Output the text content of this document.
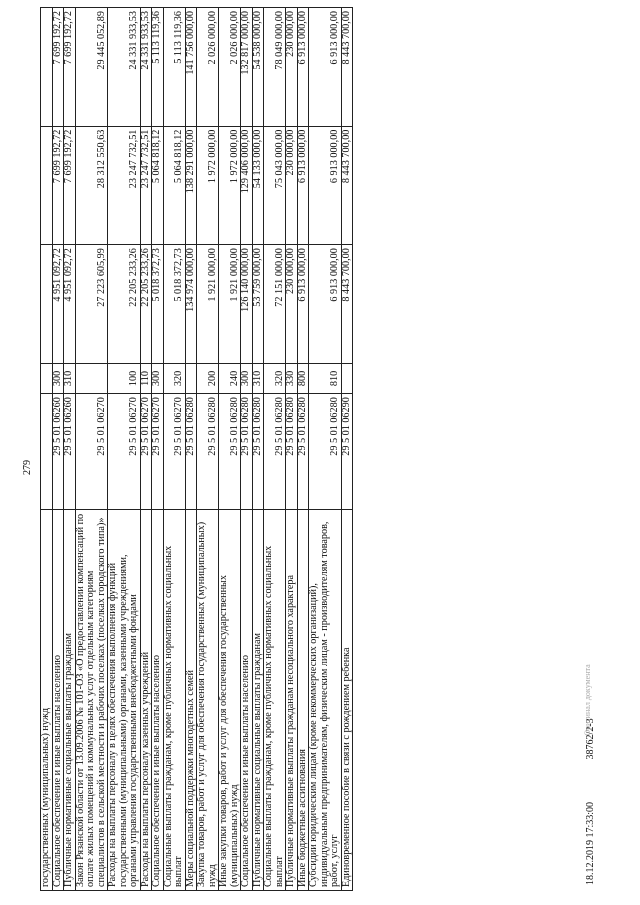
279
государственных (муниципальных) нужд					
Социальное обеспечение и иные выплаты населению	29 5 01 06260	300	4 951 092,72	7 699 192,72	7 699 192,72
Публичные нормативные социальные выплаты гражданам	29 5 01 06260	310	4 951 092,72	7 699 192,72	7 699 192,72
Закон Рязанской области от 13.09.2006 № 101-ОЗ «О предоставлении компенсаций по оплате жилых помещений и коммунальных услуг отдельным категориям специалистов в сельской местности и рабочих поселках (поселках городского типа)»	29 5 01 06270		27 223 605,99	28 312 550,63	29 445 052,89
Расходы на выплаты персоналу в целях обеспечения выполнения функций государственными (муниципальными) органами, казенными учреждениями, органами управления государственными внебюджетными фондами	29 5 01 06270	100	22 205 233,26	23 247 732,51	24 331 933,53
Расходы на выплаты персоналу казенных учреждений	29 5 01 06270	110	22 205 233,26	23 247 732,51	24 331 933,53
Социальное обеспечение и иные выплаты населению	29 5 01 06270	300	5 018 372,73	5 064 818,12	5 113 119,36
Социальные выплаты гражданам, кроме публичных нормативных социальных выплат	29 5 01 06270	320	5 018 372,73	5 064 818,12	5 113 119,36
Меры социальной поддержки многодетных семей	29 5 01 06280		134 974 000,00	138 291 000,00	141 756 000,00
Закупка товаров, работ и услуг для обеспечения государственных (муниципальных) нужд	29 5 01 06280	200	1 921 000,00	1 972 000,00	2 026 000,00
Иные закупки товаров, работ и услуг для обеспечения государственных (муниципальных) нужд	29 5 01 06280	240	1 921 000,00	1 972 000,00	2 026 000,00
Социальное обеспечение и иные выплаты населению	29 5 01 06280	300	126 140 000,00	129 406 000,00	132 817 000,00
Публичные нормативные социальные выплаты гражданам	29 5 01 06280	310	53 759 000,00	54 133 000,00	54 538 000,00
Социальные выплаты гражданам, кроме публичных нормативных социальных выплат	29 5 01 06280	320	72 151 000,00	75 043 000,00	78 049 000,00
Публичные нормативные выплаты гражданам несоциального характера	29 5 01 06280	330	230 000,00	230 000,00	230 000,00
Иные бюджетные ассигнования	29 5 01 06280	800	6 913 000,00	6 913 000,00	6 913 000,00
Субсидии юридическим лицам (кроме некоммерческих организаций), индивидуальным предпринимателям, физическим лицам - производителям товаров, работ, услуг	29 5 01 06280	810	6 913 000,00	6 913 000,00	6 913 000,00
Единовременное пособие в связи с рождением ребенка	29 5 01 06290		8 443 700,00	8 443 700,00	8 443 700,00
18.12.2019 17:33:00 38762/2-3
Оригинал документа
